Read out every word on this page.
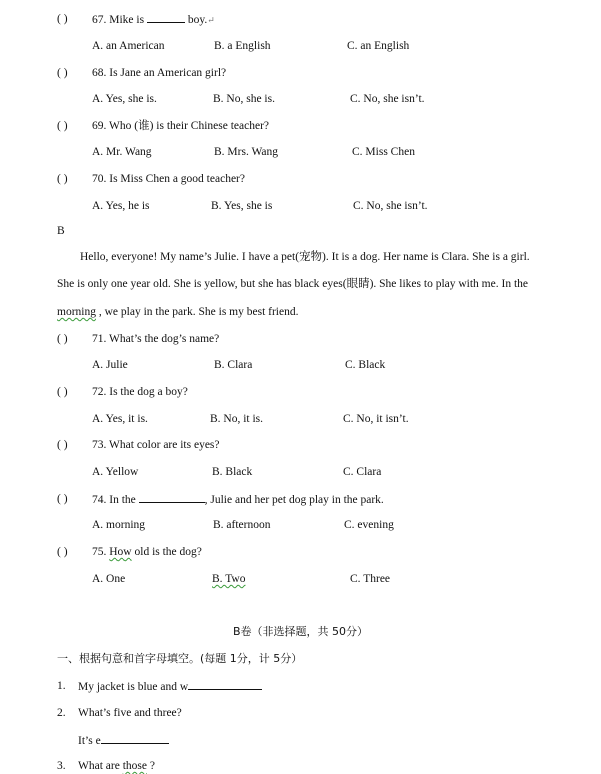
( ) 67. Mike is	boy.↵
A. an American	B. a English	C. an English
( ) 68. Is Jane an American girl?
A. Yes, she is.	B. No, she is.	C. No, she isn’t.
( ) 69. Who (谁) is their Chinese teacher?
A. Mr. Wang	B. Mrs. Wang	C. Miss Chen
( ) 70. Is Miss Chen a good teacher?
A. Yes, he is	B. Yes, she is	C. No, she isn’t.
B
Hello, everyone! My name’s Julie. I have a pet(宠物). It is a dog. Her name is Clara. She is a girl.
She is only one year old. She is yellow, but she has black eyes(眼睛). She likes to play with me. In the
morning , we play in the park. She is my best friend.
( ) 71. What’s the dog’s name?
A. Julie	B. Clara	C. Black
( ) 72. Is the dog a boy?
A. Yes, it is.	B. No, it is.	C. No, it isn’t.
( ) 73. What color are its eyes?
A. Yellow	B. Black	C. Clara
( ) 74. In the	, Julie and her pet dog play in the park.
A. morning	B. afternoon	C. evening
( ) 75. How old is the dog?
A. One	B. Two	C. Three
B卷（非选择题，共 50分）
一、根据句意和首字母填空。(每题 1分，计 5分）
1. My jacket is blue and w
2. What’s five and three?
It’s e
3. What are those ?
